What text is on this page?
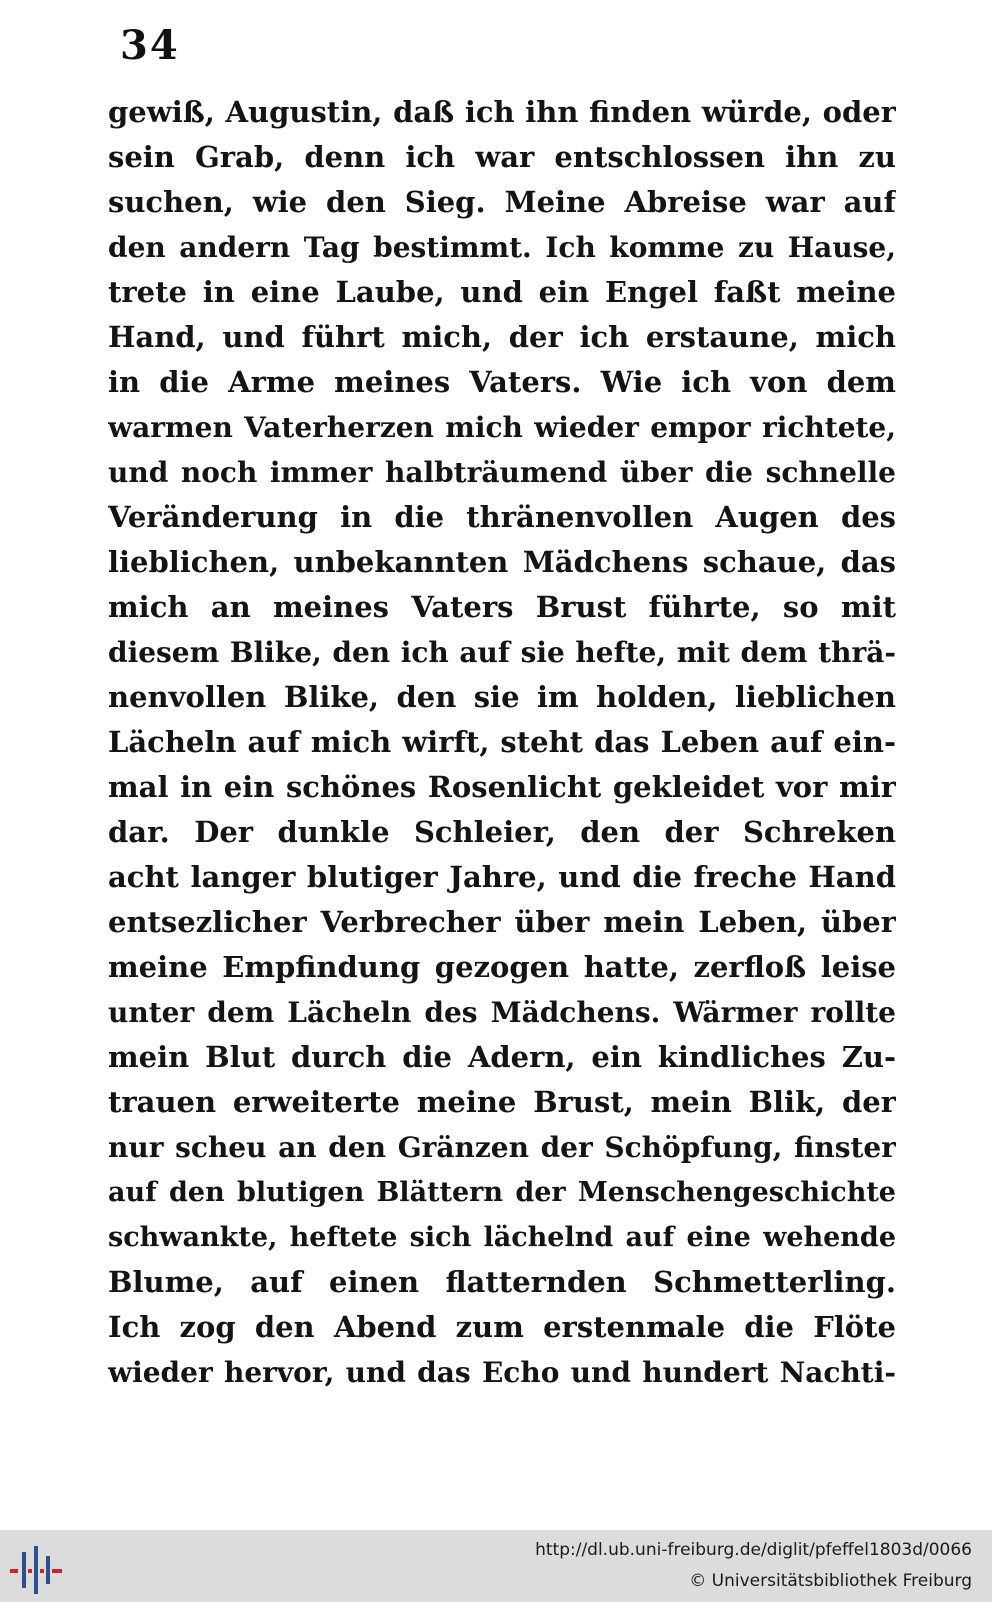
34
gewiß, Augustin, daß ich ihn finden würde, oder
sein Grab, denn ich war entschlossen ihn zu
suchen, wie den Sieg. Meine Abreise war auf
den andern Tag bestimmt. Ich komme zu Hause,
trete in eine Laube, und ein Engel faßt meine
Hand, und führt mich, der ich erstaune, mich
in die Arme meines Vaters. Wie ich von dem
warmen Vaterherzen mich wieder empor richtete,
und noch immer halbträumend über die schnelle
Veränderung in die thränenvollen Augen des
lieblichen, unbekannten Mädchens schaue, das
mich an meines Vaters Brust führte, so mit
diesem Blike, den ich auf sie hefte, mit dem thrä-
nenvollen Blike, den sie im holden, lieblichen
Lächeln auf mich wirft, steht das Leben auf ein-
mal in ein schönes Rosenlicht gekleidet vor mir
dar. Der dunkle Schleier, den der Schreken
acht langer blutiger Jahre, und die freche Hand
entsezlicher Verbrecher über mein Leben, über
meine Empfindung gezogen hatte, zerfloß leise
unter dem Lächeln des Mädchens. Wärmer rollte
mein Blut durch die Adern, ein kindliches Zu-
trauen erweiterte meine Brust, mein Blik, der
nur scheu an den Gränzen der Schöpfung, finster
auf den blutigen Blättern der Menschengeschichte
schwankte, heftete sich lächelnd auf eine wehende
Blume, auf einen flatternden Schmetterling.
Ich zog den Abend zum erstenmale die Flöte
wieder hervor, und das Echo und hundert Nachti-
http://dl.ub.uni-freiburg.de/diglit/pfeffel1803d/0066
© Universitätsbibliothek Freiburg
